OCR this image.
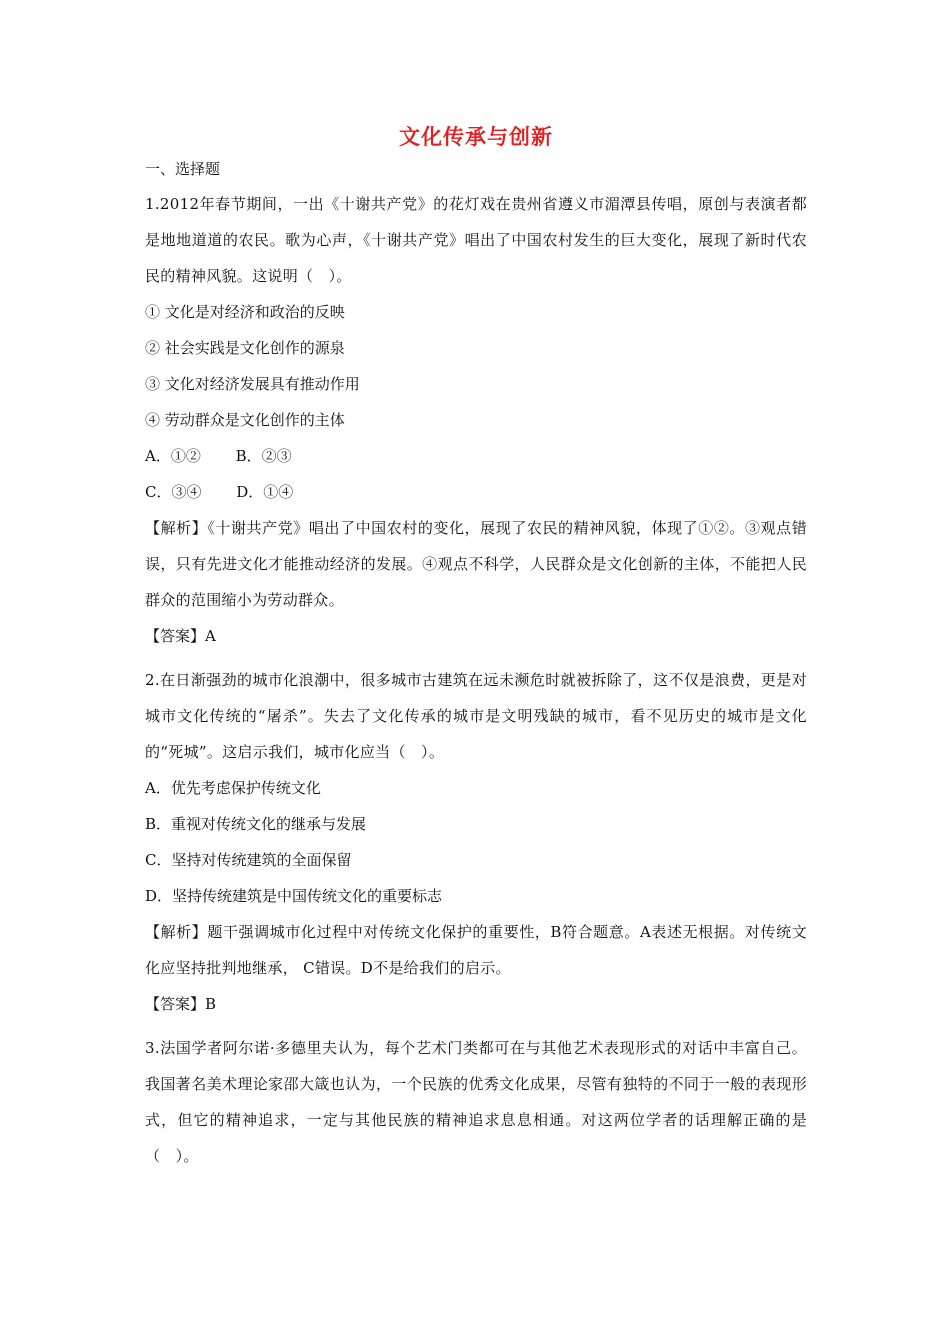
文化传承与创新

一、选择题

1.2012年春节期间，一出《十谢共产党》的花灯戏在贵州省遵义市湄潭县传唱，原创与表演者都是地地道道的农民。歌为心声，《十谢共产党》唱出了中国农村发生的巨大变化，展现了新时代农民的精神风貌。这说明（　）。

① 文化是对经济和政治的反映

② 社会实践是文化创作的源泉

③ 文化对经济发展具有推动作用

④ 劳动群众是文化创作的主体

A．①②　　 B．②③

C．③④　　 D．①④

【解析】《十谢共产党》唱出了中国农村的变化，展现了农民的精神风貌，体现了①②。③观点错误，只有先进文化才能推动经济的发展。④观点不科学，人民群众是文化创新的主体，不能把人民群众的范围缩小为劳动群众。

【答案】A

2.在日渐强劲的城市化浪潮中，很多城市古建筑在远未濒危时就被拆除了，这不仅是浪费，更是对城市文化传统的“屠杀”。失去了文化传承的城市是文明残缺的城市，看不见历史的城市是文化的“死城”。这启示我们，城市化应当（　）。

A．优先考虑保护传统文化

B．重视对传统文化的继承与发展

C．坚持对传统建筑的全面保留

D．坚持传统建筑是中国传统文化的重要标志

【解析】题干强调城市化过程中对传统文化保护的重要性，B符合题意。A表述无根据。对传统文化应坚持批判地继承， C错误。D不是给我们的启示。

【答案】B

3.法国学者阿尔诺·多德里夫认为，每个艺术门类都可在与其他艺术表现形式的对话中丰富自己。我国著名美术理论家邵大箴也认为，一个民族的优秀文化成果，尽管有独特的不同于一般的表现形式，但它的精神追求，一定与其他民族的精神追求息息相通。对这两位学者的话理解正确的是（　）。
